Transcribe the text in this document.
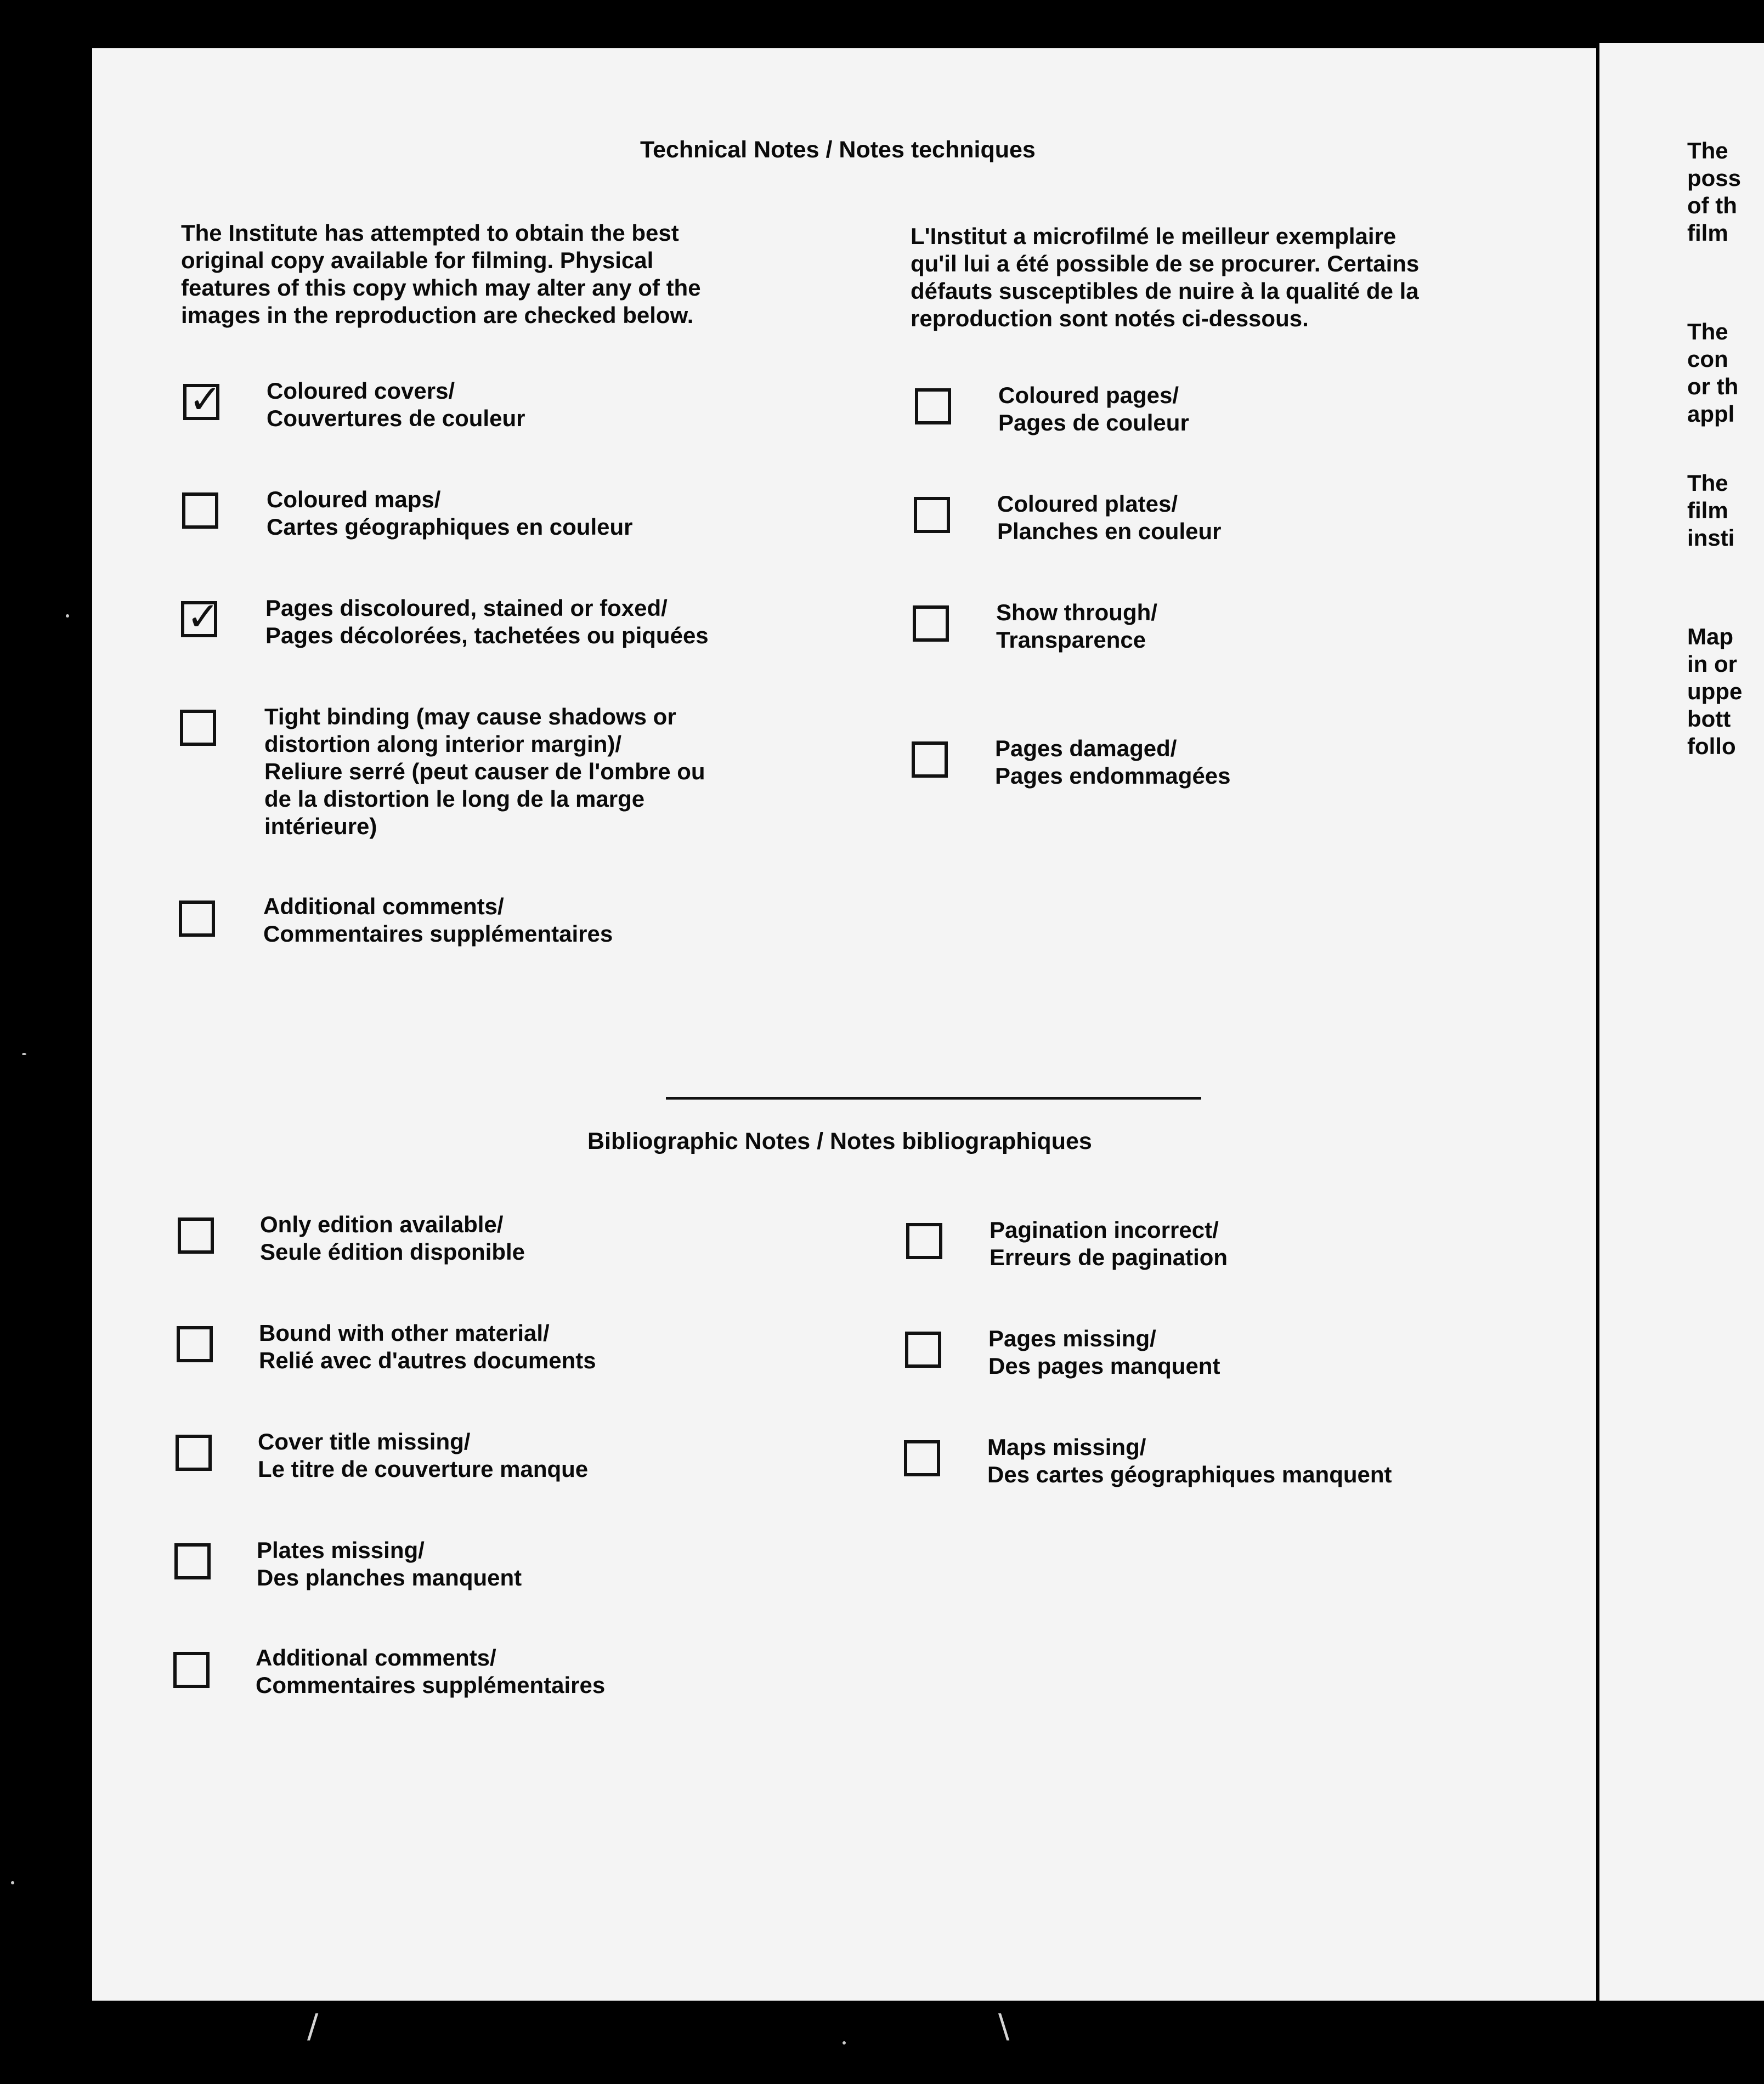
Technical Notes / Notes techniques
The Institute has attempted to obtain the best
original copy available for filming. Physical
features of this copy which may alter any of the
images in the reproduction are checked below.
L'Institut a microfilmé le meilleur exemplaire
qu'il lui a été possible de se procurer. Certains
défauts susceptibles de nuire à la qualité de la
reproduction sont notés ci-dessous.
✓ Coloured covers/
Couvertures de couleur
Coloured maps/
Cartes géographiques en couleur
✓ Pages discoloured, stained or foxed/
Pages décolorées, tachetées ou piquées
Tight binding (may cause shadows or
distortion along interior margin)/
Reliure serré (peut causer de l'ombre ou
de la distortion le long de la marge
intérieure)
Additional comments/
Commentaires supplémentaires
Coloured pages/
Pages de couleur
Coloured plates/
Planches en couleur
Show through/
Transparence
Pages damaged/
Pages endommagées
Bibliographic Notes / Notes bibliographiques
Only edition available/
Seule édition disponible
Bound with other material/
Relié avec d'autres documents
Cover title missing/
Le titre de couverture manque
Plates missing/
Des planches manquent
Additional comments/
Commentaires supplémentaires
Pagination incorrect/
Erreurs de pagination
Pages missing/
Des pages manquent
Maps missing/
Des cartes géographiques manquent
The
poss
of th
film
The
con
or th
appl
The
film
insti
Map
in or
uppe
bott
follo
/	\
